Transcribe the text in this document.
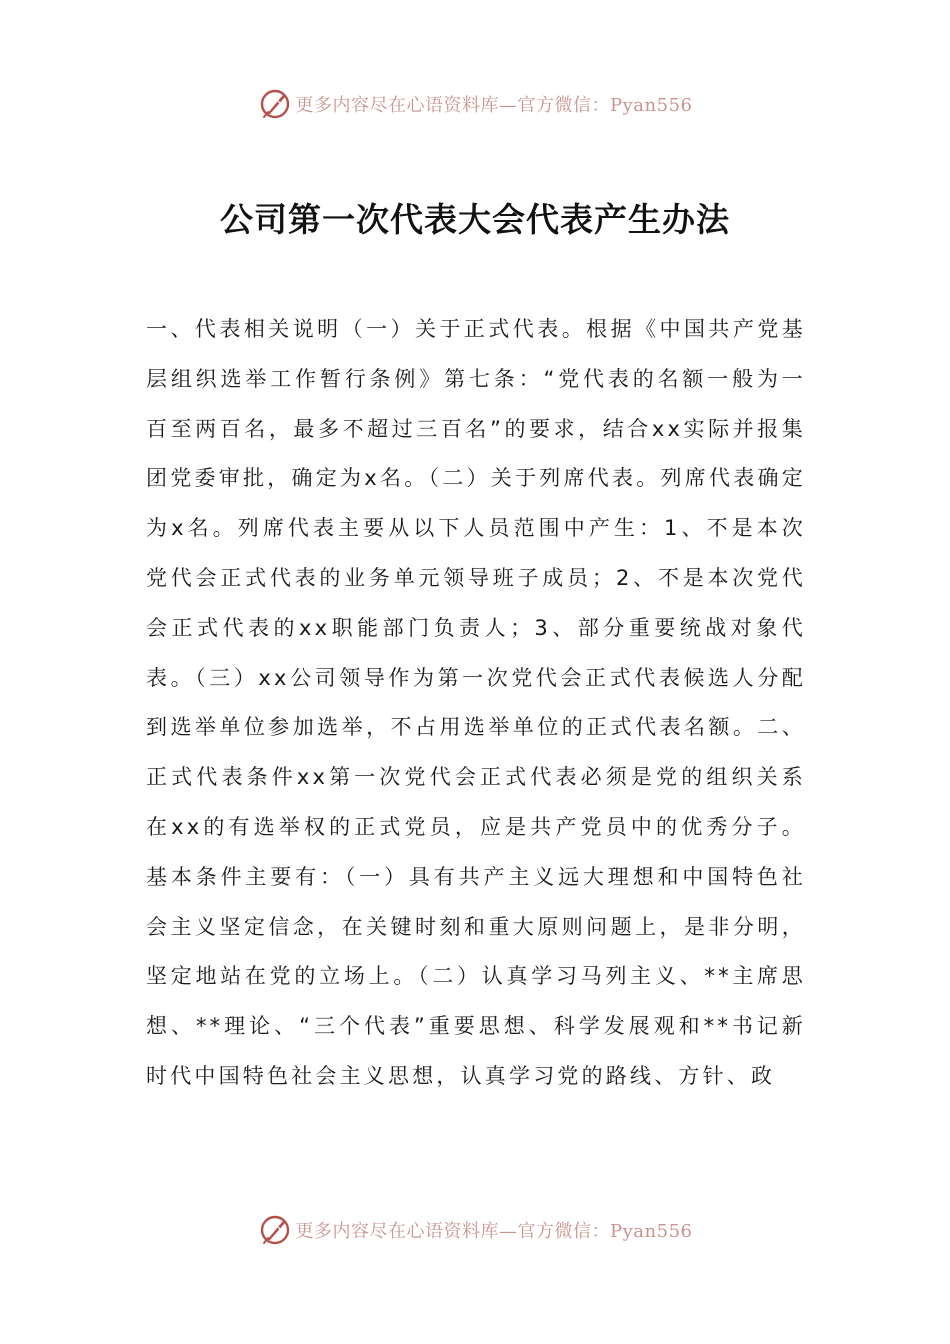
更多内容尽在心语资料库—官方微信：Pyan556
公司第一次代表大会代表产生办法
一、代表相关说明（一）关于正式代表。根据《中国共产党基层组织选举工作暂行条例》第七条：“党代表的名额一般为一百至两百名，最多不超过三百名”的要求，结合xx实际并报集团党委审批，确定为x名。（二）关于列席代表。列席代表确定为x名。列席代表主要从以下人员范围中产生：1、不是本次党代会正式代表的业务单元领导班子成员；2、不是本次党代会正式代表的xx职能部门负责人；3、部分重要统战对象代表。（三）xx公司领导作为第一次党代会正式代表候选人分配到选举单位参加选举，不占用选举单位的正式代表名额。二、正式代表条件xx第一次党代会正式代表必须是党的组织关系在xx的有选举权的正式党员，应是共产党员中的优秀分子。基本条件主要有：（一）具有共产主义远大理想和中国特色社会主义坚定信念，在关键时刻和重大原则问题上，是非分明，坚定地站在党的立场上。（二）认真学习马列主义、**主席思想、**理论、“三个代表”重要思想、科学发展观和**书记新时代中国特色社会主义思想，认真学习党的路线、方针、政
更多内容尽在心语资料库—官方微信：Pyan556
